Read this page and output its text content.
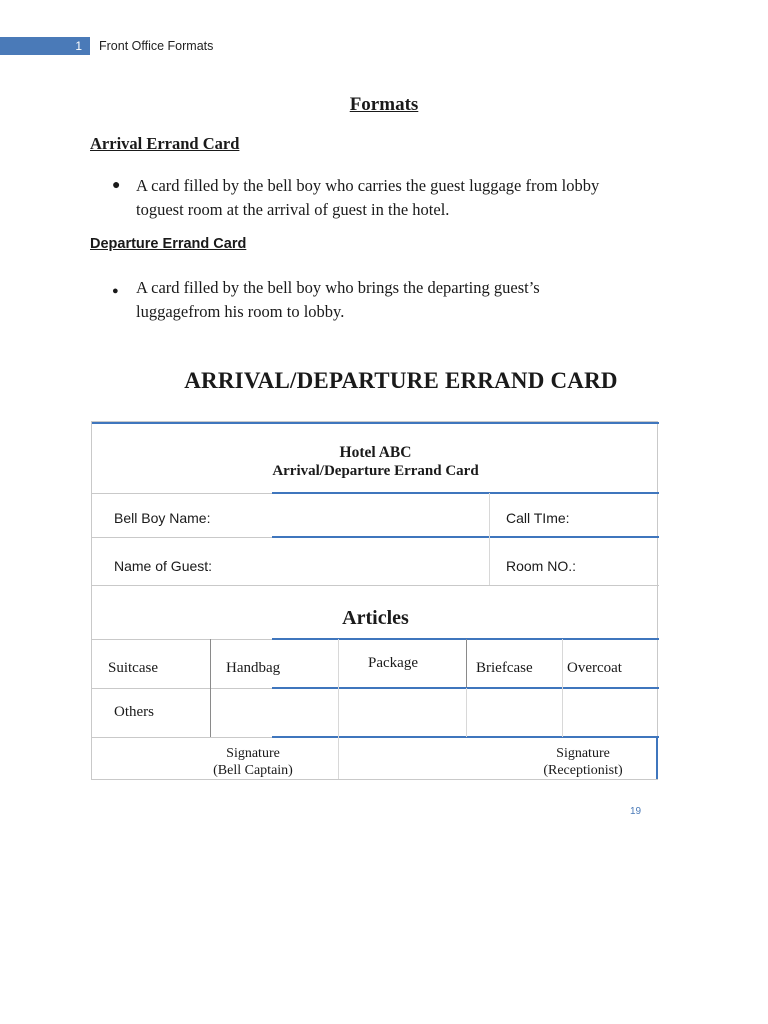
1	Front Office Formats
Formats
Arrival Errand Card
● A card filled by the bell boy who carries the guest luggage from lobby toguest room at the arrival of guest in the hotel.
Departure Errand Card
● A card filled by the bell boy who brings the departing guest’s luggagefrom his room to lobby.
ARRIVAL/DEPARTURE ERRAND CARD
Hotel ABC
Arrival/Departure Errand Card
Bell Boy Name:	Call TIme:
Name of Guest:	Room NO.:
Articles
Suitcase	Handbag	Package	Briefcase Overcoat
Others
Signature
(Bell Captain)
Signature
(Receptionist)
19
